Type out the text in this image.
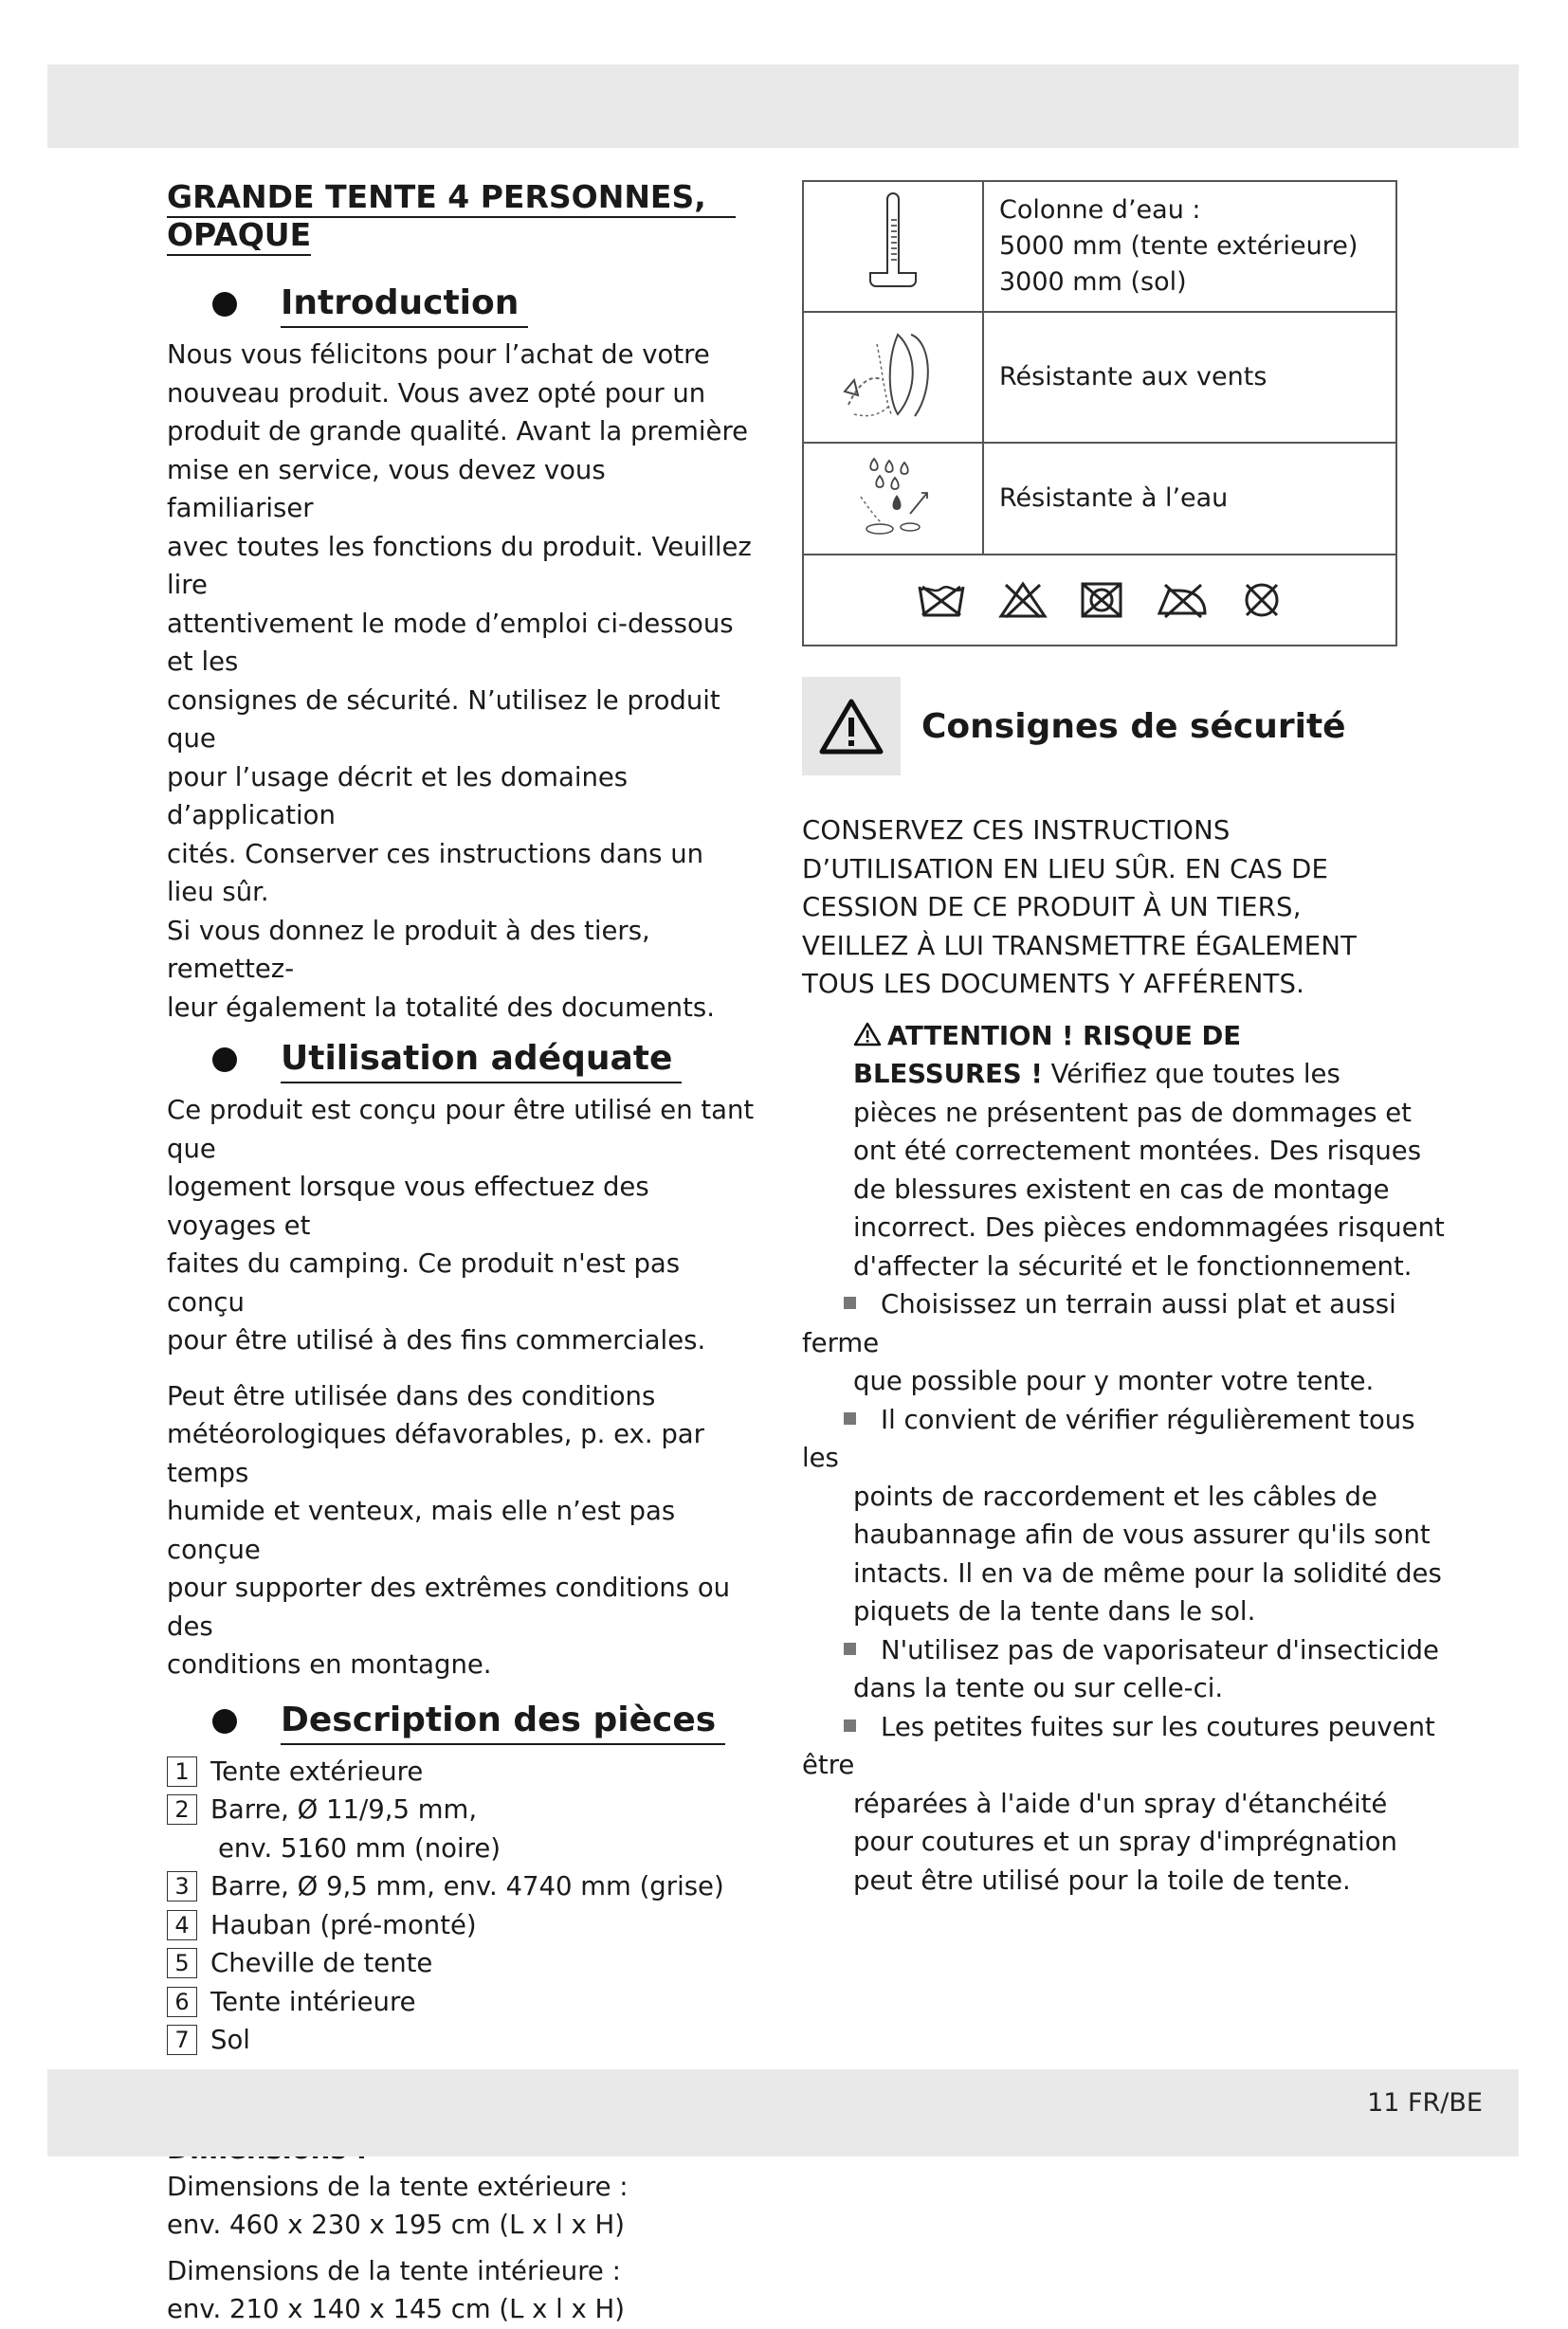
GRANDE TENTE 4 PERSONNES,
OPAQUE
Introduction

Nous vous félicitons pour l’achat de votre

nouveau produit. Vous avez opté pour un

produit de grande qualité. Avant la première

mise en service, vous devez vous familiariser

avec toutes les fonctions du produit. Veuillez lire

attentivement le mode d’emploi ci-dessous et les

consignes de sécurité. N’utilisez le produit que

pour l’usage décrit et les domaines d’application

cités. Conserver ces instructions dans un lieu sûr.

Si vous donnez le produit à des tiers, remettez-

leur également la totalité des documents.

Utilisation adéquate

Ce produit est conçu pour être utilisé en tant que

logement lorsque vous effectuez des voyages et

faites du camping. Ce produit n'est pas conçu

pour être utilisé à des fins commerciales.

Peut être utilisée dans des conditions

météorologiques défavorables, p. ex. par temps

humide et venteux, mais elle n’est pas conçue

pour supporter des extrêmes conditions ou des

conditions en montagne.

Description des pièces
1 Tente extérieure
2 Barre, Ø 11/9,5 mm,
env. 5160 mm (noire)
3 Barre, Ø 9,5 mm, env. 4740 mm (grise)
4 Hauban (pré-monté)
5 Cheville de tente
6 Tente intérieure
7 Sol

Dimensions de la tente extérieure :

env. 460 x 230 x 195 cm (L x l x H)

Dimensions de la tente intérieure :

env. 210 x 140 x 145 cm (L x l x H)

Colonne d’eau :
5000 mm (tente extérieure)
3000 mm (sol)

	Résistante aux vents
	Résistante à l’eau

Consignes de sécurité

CONSERVEZ CES INSTRUCTIONS

D’UTILISATION EN LIEU SÛR. EN CAS DE

CESSION DE CE PRODUIT À UN TIERS,

VEILLEZ À LUI TRANSMETTRE ÉGALEMENT

TOUS LES DOCUMENTS Y AFFÉRENTS.

ATTENTION ! RISQUE DE

BLESSURES ! Vérifiez que toutes les

pièces ne présentent pas de dommages et

ont été correctement montées. Des risques

de blessures existent en cas de montage

incorrect. Des pièces endommagées risquent

d'affecter la sécurité et le fonctionnement.

Choisissez un terrain aussi plat et aussi ferme
que possible pour y monter votre tente.
Il convient de vérifier régulièrement tous les
points de raccordement et les câbles de
haubannage afin de vous assurer qu'ils sont
intacts. Il en va de même pour la solidité des
piquets de la tente dans le sol.
N'utilisez pas de vaporisateur d'insecticide
dans la tente ou sur celle-ci.
Les petites fuites sur les coutures peuvent être
réparées à l'aide d'un spray d'étanchéité
pour coutures et un spray d'imprégnation
peut être utilisé pour la toile de tente.
11 FR/BE
